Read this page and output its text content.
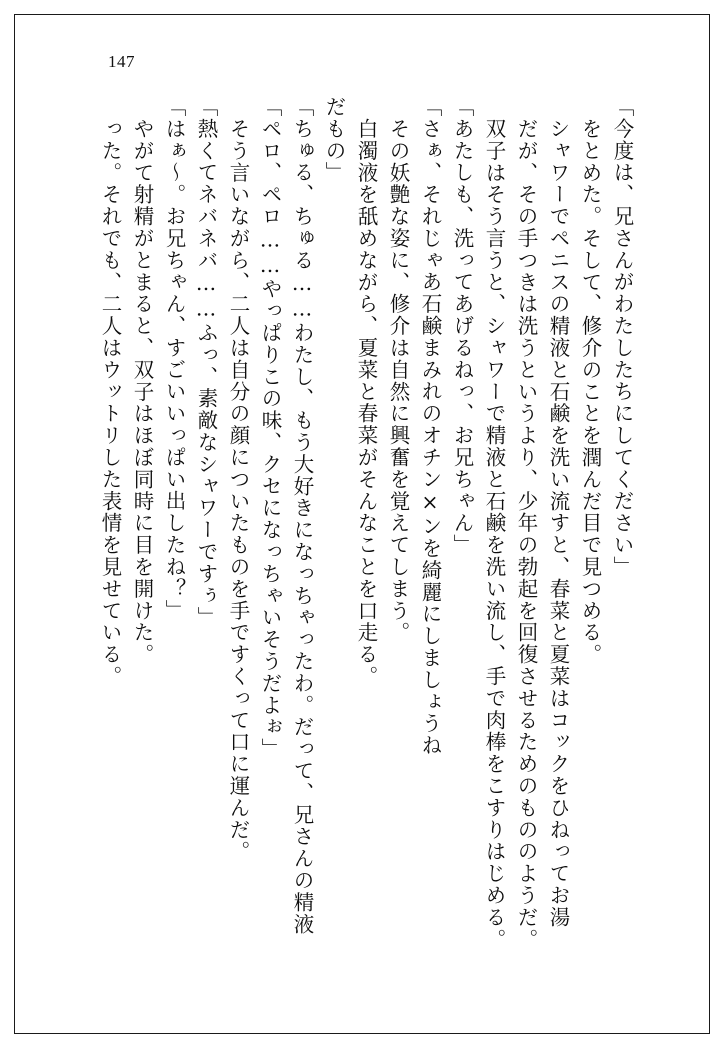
147
った。それでも、二人はウットリした表情を見せている。 やがて射精がとまると、双子はほぼ同時に目を開けた。 「はぁ～。お兄ちゃん、すごいいっぱい出したね？」 「熱くてネバネバ……ふっ、素敵なシャワーですぅ」 そう言いながら、二人は自分の顔についたものを手ですくって口に運んだ。 「ペロ、ペロ……やっぱりこの味、クセになっちゃいそうだよぉ」 「ちゅる、ちゅる……わたし、もう大好きになっちゃったわ。だって、兄さんの精液 だもの」 白濁液を舐めながら、夏菜と春菜がそんなことを口走る。 その妖艶な姿に、修介は自然に興奮を覚えてしまう。 「さぁ、それじゃあ石鹸まみれのオチン×ンを綺麗にしましょうね 「あたしも、洗ってあげるねっ、お兄ちゃん」 双子はそう言うと、シャワーで精液と石鹸を洗い流し、手で肉棒をこすりはじめる。 だが、その手つきは洗うというより、少年の勃起を回復させるためのもののようだ。 シャワーでペニスの精液と石鹸を洗い流すと、春菜と夏菜はコックをひねってお湯 をとめた。そして、修介のことを潤んだ目で見つめる。 「今度は、兄さんがわたしたちにしてください」
